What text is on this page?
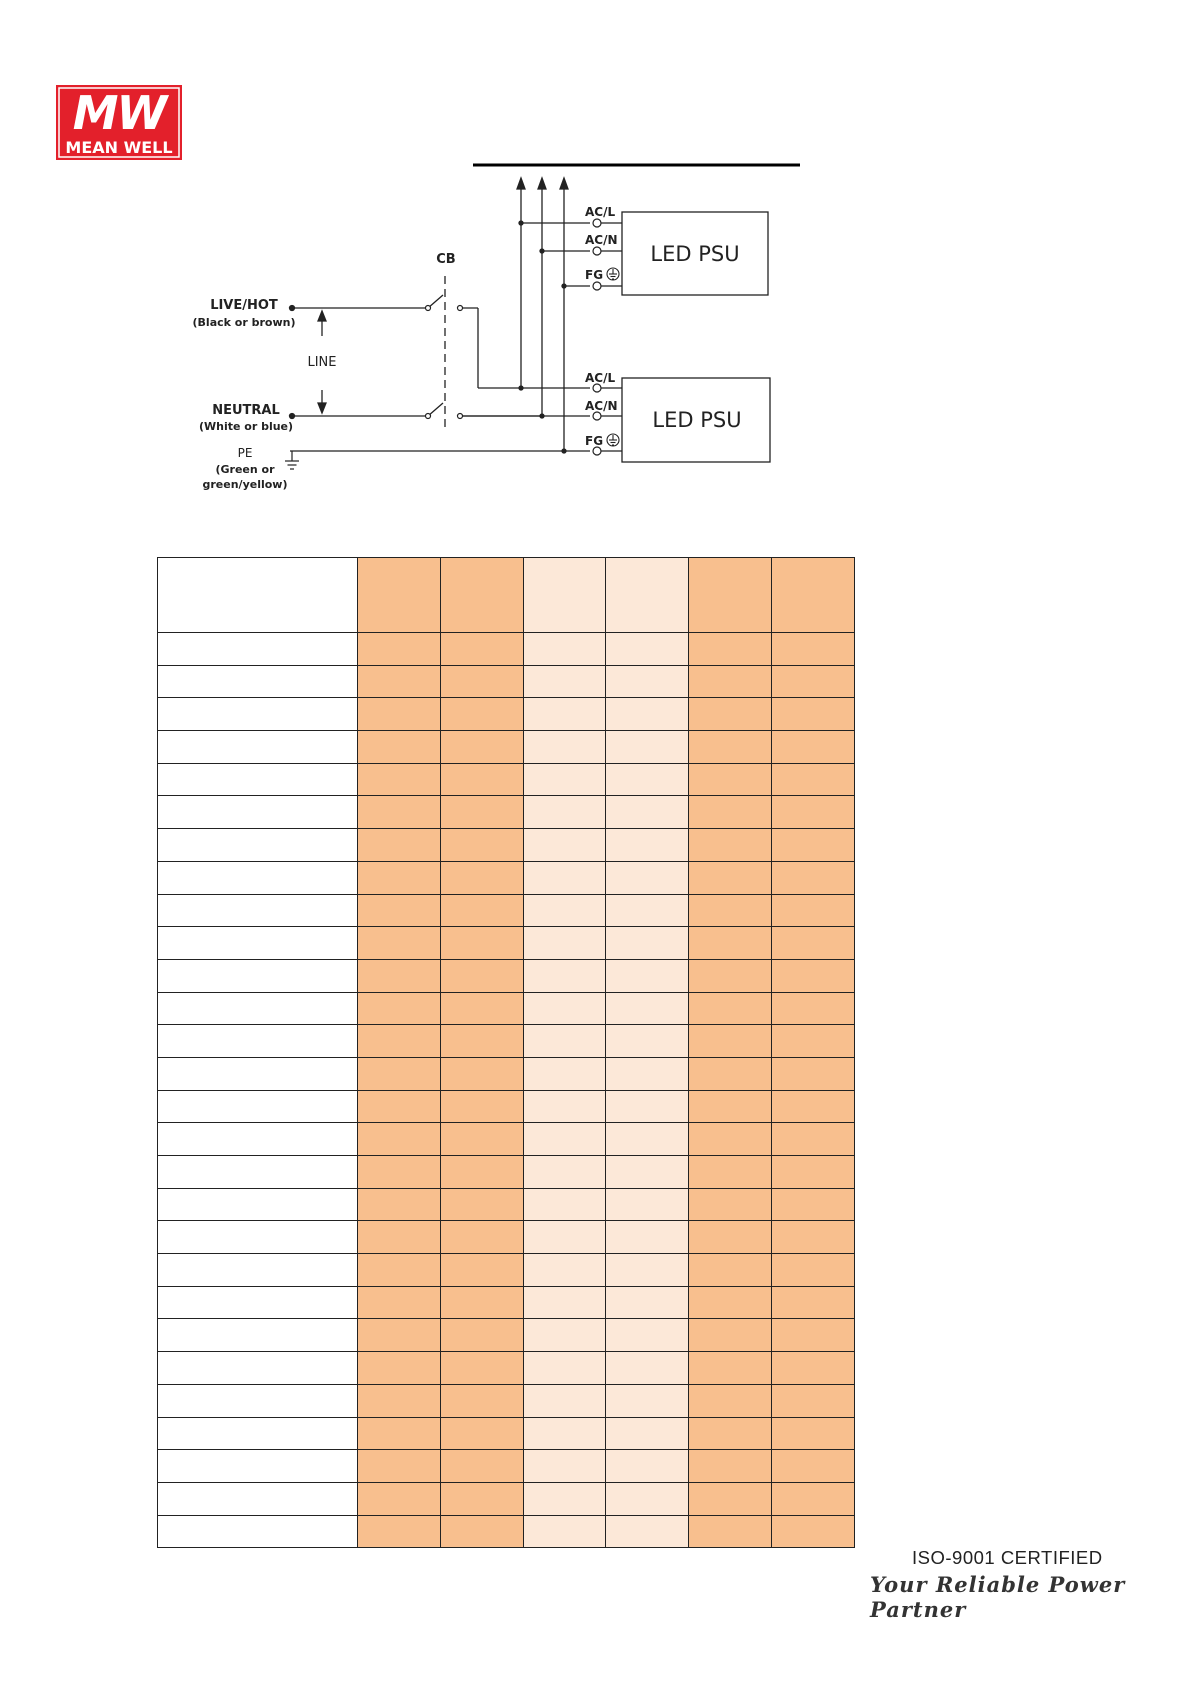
MW
MEAN WELL
CB
LIVE/HOT
(Black or brown)
LINE
NEUTRAL
(White or blue)
PE
(Green or
green/yellow)
AC/L
AC/N
FG
LED PSU
AC/L
AC/N
FG
LED PSU

ISO-9001 CERTIFIED
Your Reliable Power Partner
